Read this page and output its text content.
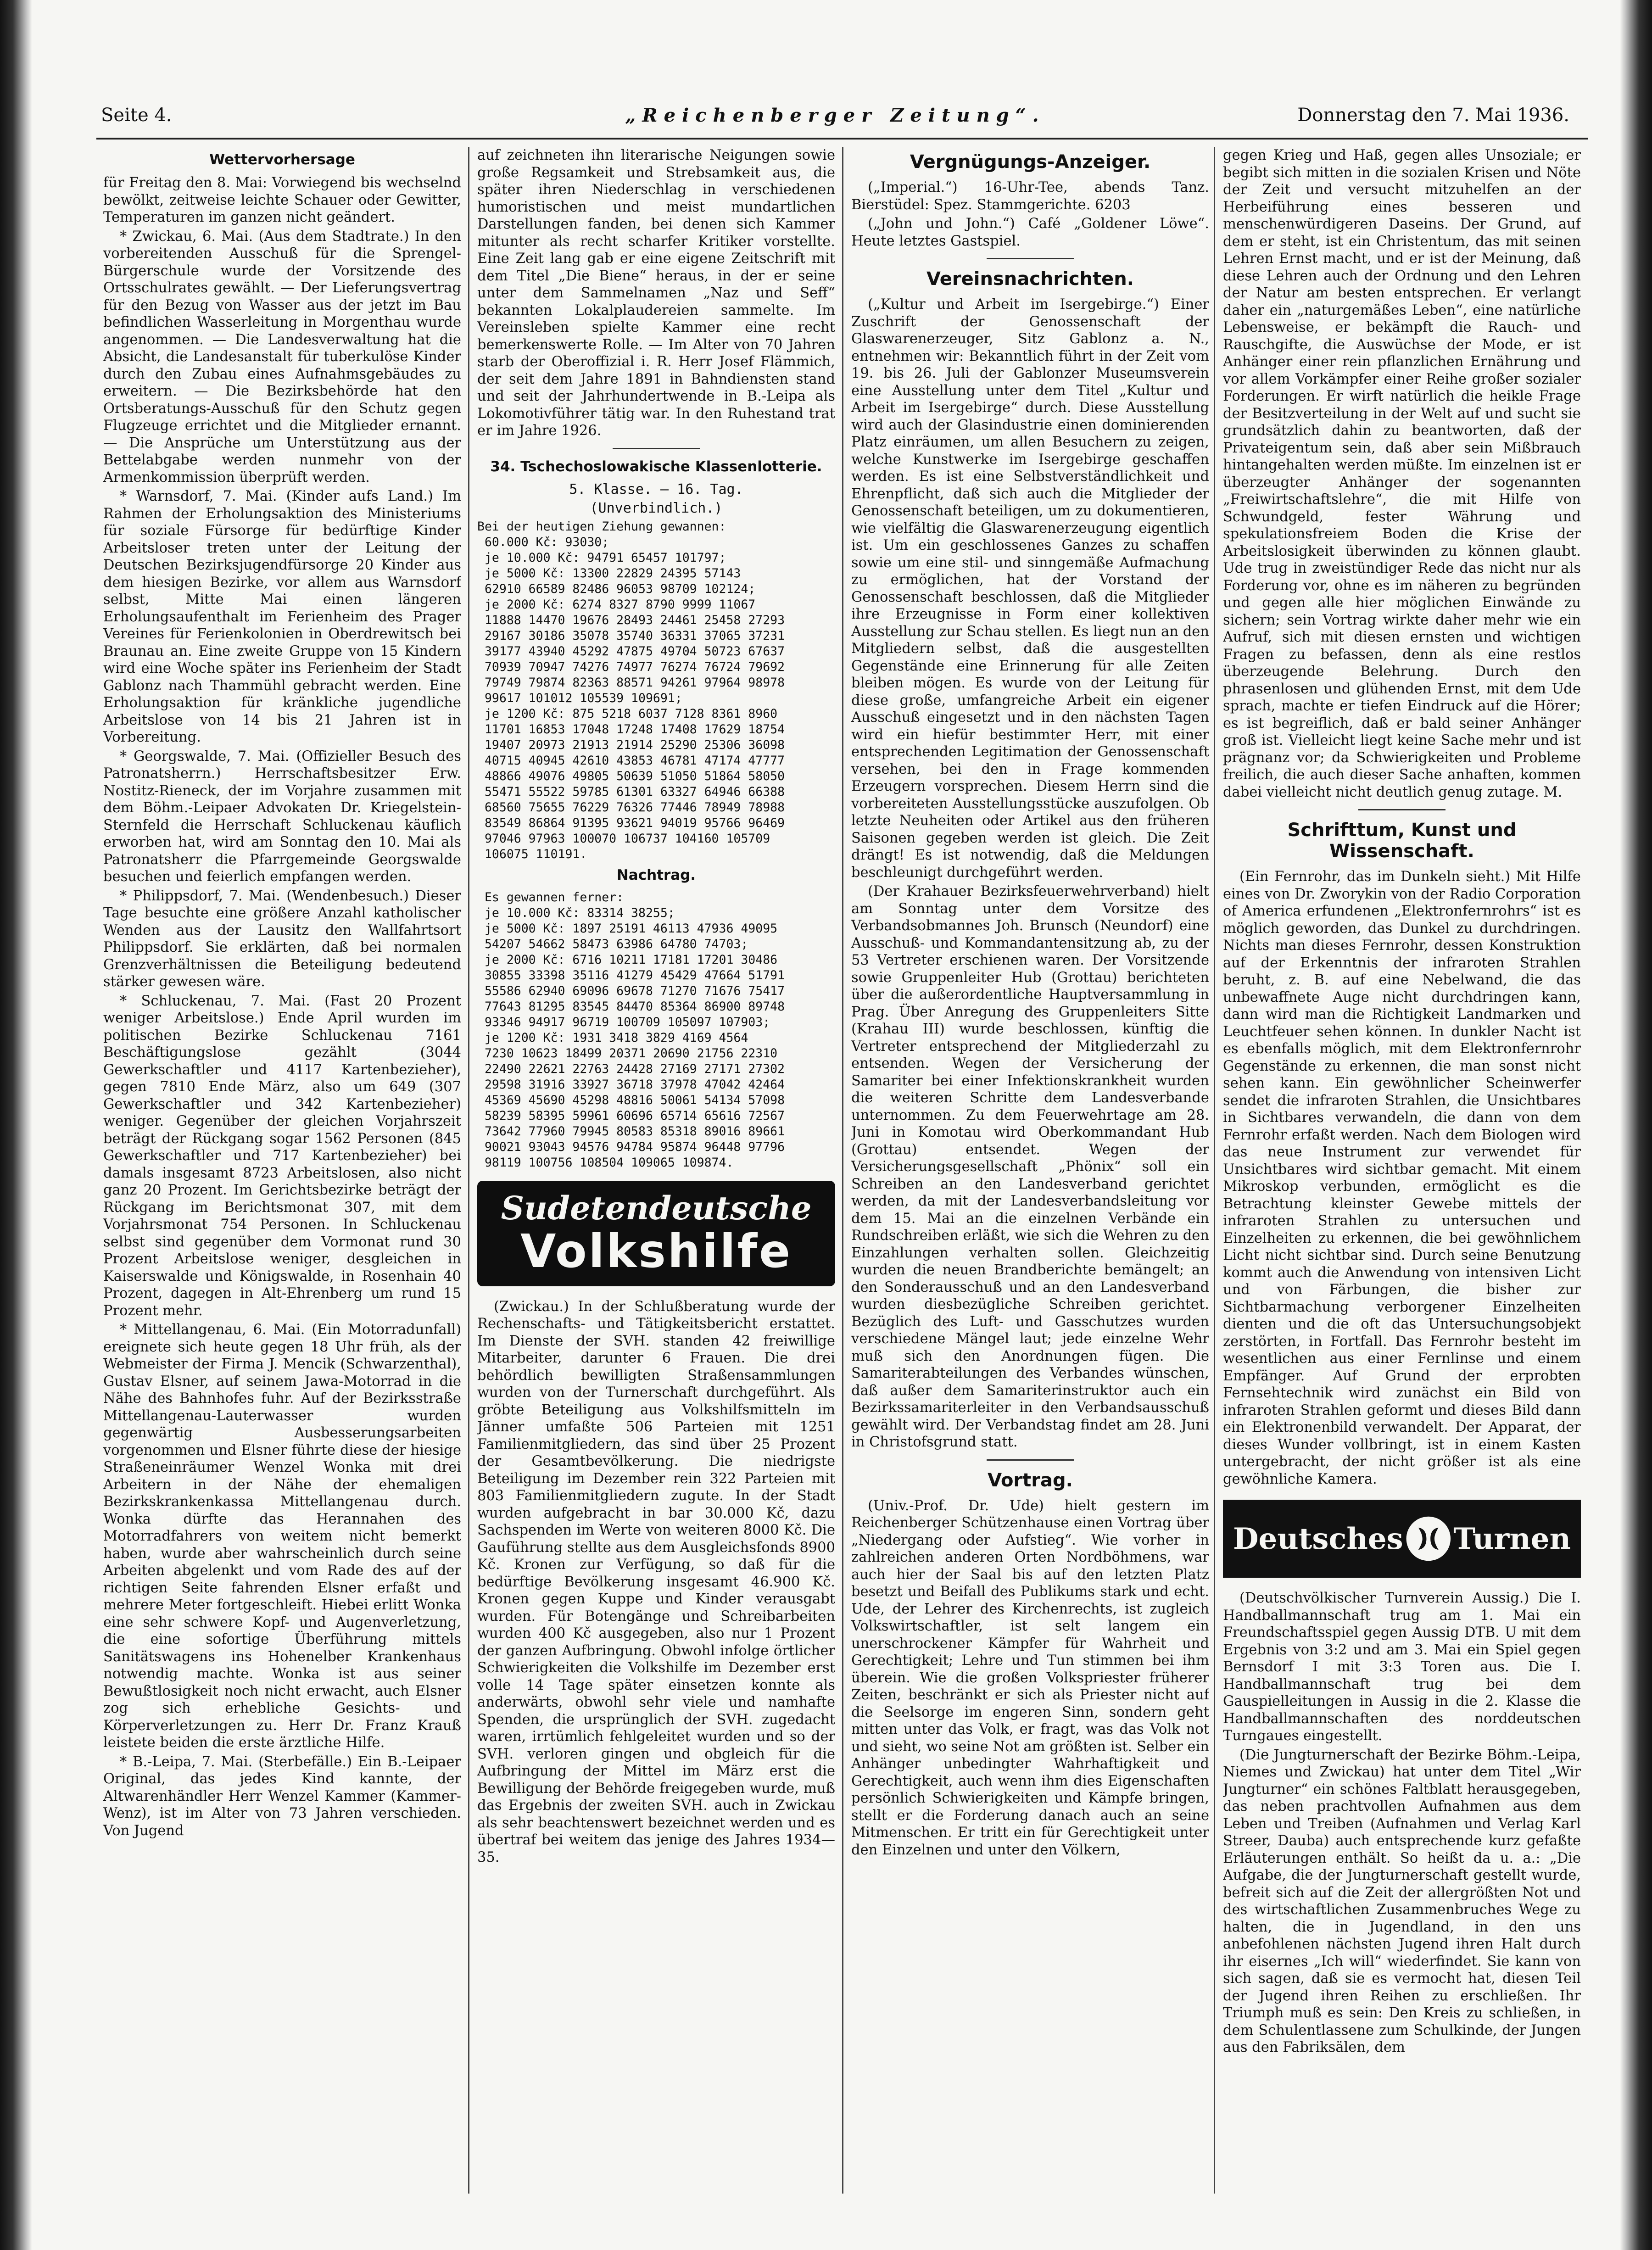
Seite 4.	„Reichenberger Zeitung“.	Donnerstag den 7. Mai 1936.
Wettervorhersage

für Freitag den 8. Mai: Vorwiegend bis wechselnd bewölkt, zeitweise leichte Schauer oder Gewitter, Temperaturen im ganzen nicht geändert.

* Zwickau, 6. Mai. (Aus dem Stadtrate.) In den vorbereitenden Ausschuß für die Sprengel-Bürgerschule wurde der Vorsitzende des Ortsschulrates gewählt. — Der Lieferungsvertrag für den Bezug von Wasser aus der jetzt im Bau befindlichen Wasserleitung in Morgenthau wurde angenommen. — Die Landesverwaltung hat die Absicht, die Landesanstalt für tuberkulöse Kinder durch den Zubau eines Aufnahmsgebäudes zu erweitern. — Die Bezirksbehörde hat den Ortsberatungs-Ausschuß für den Schutz gegen Flugzeuge errichtet und die Mitglieder ernannt. — Die Ansprüche um Unterstützung aus der Bettelabgabe werden nunmehr von der Armenkommission überprüft werden.

* Warnsdorf, 7. Mai. (Kinder aufs Land.) Im Rahmen der Erholungsaktion des Ministeriums für soziale Fürsorge für bedürftige Kinder Arbeitsloser treten unter der Leitung der Deutschen Bezirksjugendfürsorge 20 Kinder aus dem hiesigen Bezirke, vor allem aus Warnsdorf selbst, Mitte Mai einen längeren Erholungsaufenthalt im Ferienheim des Prager Vereines für Ferienkolonien in Oberdrewitsch bei Braunau an. Eine zweite Gruppe von 15 Kindern wird eine Woche später ins Ferienheim der Stadt Gablonz nach Thammühl gebracht werden. Eine Erholungsaktion für kränkliche jugendliche Arbeitslose von 14 bis 21 Jahren ist in Vorbereitung.

* Georgswalde, 7. Mai. (Offizieller Besuch des Patronatsherrn.) Herrschaftsbesitzer Erw. Nostitz-Rieneck, der im Vorjahre zusammen mit dem Böhm.-Leipaer Advokaten Dr. Kriegelstein-Sternfeld die Herrschaft Schluckenau käuflich erworben hat, wird am Sonntag den 10. Mai als Patronatsherr die Pfarrgemeinde Georgswalde besuchen und feierlich empfangen werden.

* Philippsdorf, 7. Mai. (Wendenbesuch.) Dieser Tage besuchte eine größere Anzahl katholischer Wenden aus der Lausitz den Wallfahrtsort Philippsdorf. Sie erklärten, daß bei normalen Grenzverhältnissen die Beteiligung bedeutend stärker gewesen wäre.

* Schluckenau, 7. Mai. (Fast 20 Prozent weniger Arbeitslose.) Ende April wurden im politischen Bezirke Schluckenau 7161 Beschäftigungslose gezählt (3044 Gewerkschaftler und 4117 Kartenbezieher), gegen 7810 Ende März, also um 649 (307 Gewerkschaftler und 342 Kartenbezieher) weniger. Gegenüber der gleichen Vorjahrszeit beträgt der Rückgang sogar 1562 Personen (845 Gewerkschaftler und 717 Kartenbezieher) bei damals insgesamt 8723 Arbeitslosen, also nicht ganz 20 Prozent. Im Gerichtsbezirke beträgt der Rückgang im Berichtsmonat 307, mit dem Vorjahrsmonat 754 Personen. In Schluckenau selbst sind gegenüber dem Vormonat rund 30 Prozent Arbeitslose weniger, desgleichen in Kaiserswalde und Königswalde, in Rosenhain 40 Prozent, dagegen in Alt-Ehrenberg um rund 15 Prozent mehr.

* Mittellangenau, 6. Mai. (Ein Motorradunfall) ereignete sich heute gegen 18 Uhr früh, als der Webmeister der Firma J. Mencik (Schwarzenthal), Gustav Elsner, auf seinem Jawa-Motorrad in die Nähe des Bahnhofes fuhr. Auf der Bezirksstraße Mittellangenau-Lauterwasser wurden gegenwärtig Ausbesserungsarbeiten vorgenommen und Elsner führte diese der hiesige Straßeneinräumer Wenzel Wonka mit drei Arbeitern in der Nähe der ehemaligen Bezirkskrankenkassa Mittellangenau durch. Wonka dürfte das Herannahen des Motorradfahrers von weitem nicht bemerkt haben, wurde aber wahrscheinlich durch seine Arbeiten abgelenkt und vom Rade des auf der richtigen Seite fahrenden Elsner erfaßt und mehrere Meter fortgeschleift. Hiebei erlitt Wonka eine sehr schwere Kopf- und Augenverletzung, die eine sofortige Überführung mittels Sanitätswagens ins Hohenelber Krankenhaus notwendig machte. Wonka ist aus seiner Bewußtlosigkeit noch nicht erwacht, auch Elsner zog sich erhebliche Gesichts- und Körperverletzungen zu. Herr Dr. Franz Krauß leistete beiden die erste ärztliche Hilfe.

* B.-Leipa, 7. Mai. (Sterbefälle.) Ein B.-Leipaer Original, das jedes Kind kannte, der Altwarenhändler Herr Wenzel Kammer (Kammer-Wenz), ist im Alter von 73 Jahren verschieden. Von Jugend

auf zeichneten ihn literarische Neigungen sowie große Regsamkeit und Strebsamkeit aus, die später ihren Niederschlag in verschiedenen humoristischen und meist mundartlichen Darstellungen fanden, bei denen sich Kammer mitunter als recht scharfer Kritiker vorstellte. Eine Zeit lang gab er eine eigene Zeitschrift mit dem Titel „Die Biene“ heraus, in der er seine unter dem Sammelnamen „Naz und Seff“ bekannten Lokalplaudereien sammelte. Im Vereinsleben spielte Kammer eine recht bemerkenswerte Rolle. — Im Alter von 70 Jahren starb der Oberoffizial i. R. Herr Josef Flämmich, der seit dem Jahre 1891 in Bahndiensten stand und seit der Jahrhundertwende in B.-Leipa als Lokomotivführer tätig war. In den Ruhestand trat er im Jahre 1926.

34. Tschechoslowakische Klassenlotterie.
5. Klasse. — 16. Tag.
(Unverbindlich.)
Bei der heutigen Ziehung gewannen:
60.000 Kč: 93030;
je 10.000 Kč: 94791 65457 101797;
je 5000 Kč: 13300 22829 24395 57143
62910 66589 82486 96053 98709 102124;
je 2000 Kč: 6274 8327 8790 9999 11067
11888 14470 19676 28493 24461 25458 27293
29167 30186 35078 35740 36331 37065 37231
39177 43940 45292 47875 49704 50723 67637
70939 70947 74276 74977 76274 76724 79692
79749 79874 82363 88571 94261 97964 98978
99617 101012 105539 109691;
je 1200 Kč: 875 5218 6037 7128 8361 8960
11701 16853 17048 17248 17408 17629 18754
19407 20973 21913 21914 25290 25306 36098
40715 40945 42610 43853 46781 47174 47777
48866 49076 49805 50639 51050 51864 58050
55471 55522 59785 61301 63327 64946 66388
68560 75655 76229 76326 77446 78949 78988
83549 86864 91395 93621 94019 95766 96469
97046 97963 100070 106737 104160 105709
106075 110191.
Nachtrag.
Es gewannen ferner:
je 10.000 Kč: 83314 38255;
je 5000 Kč: 1897 25191 46113 47936 49095
54207 54662 58473 63986 64780 74703;
je 2000 Kč: 6716 10211 17181 17201 30486
30855 33398 35116 41279 45429 47664 51791
55586 62940 69096 69678 71270 71676 75417
77643 81295 83545 84470 85364 86900 89748
93346 94917 96719 100709 105097 107903;
je 1200 Kč: 1931 3418 3829 4169 4564
7230 10623 18499 20371 20690 21756 22310
22490 22621 22763 24428 27169 27171 27302
29598 31916 33927 36718 37978 47042 42464
45369 45690 45298 48816 50061 54134 57098
58239 58395 59961 60696 65714 65616 72567
73642 77960 79945 80583 85318 89016 89661
90021 93043 94576 94784 95874 96448 97796
98119 100756 108504 109065 109874.
Sudetendeutsche
Volkshilfe

(Zwickau.) In der Schlußberatung wurde der Rechenschafts- und Tätigkeitsbericht erstattet. Im Dienste der SVH. standen 42 freiwillige Mitarbeiter, darunter 6 Frauen. Die drei behördlich bewilligten Straßensammlungen wurden von der Turnerschaft durchgeführt. Als gröbte Beteiligung aus Volkshilfsmitteln im Jänner umfaßte 506 Parteien mit 1251 Familienmitgliedern, das sind über 25 Prozent der Gesamtbevölkerung. Die niedrigste Beteiligung im Dezember rein 322 Parteien mit 803 Familienmitgliedern zugute. In der Stadt wurden aufgebracht in bar 30.000 Kč, dazu Sachspenden im Werte von weiteren 8000 Kč. Die Gauführung stellte aus dem Ausgleichsfonds 8900 Kč. Kronen zur Verfügung, so daß für die bedürftige Bevölkerung insgesamt 46.900 Kč. Kronen gegen Kuppe und Kinder verausgabt wurden. Für Botengänge und Schreibarbeiten wurden 400 Kč ausgegeben, also nur 1 Prozent der ganzen Aufbringung. Obwohl infolge örtlicher Schwierigkeiten die Volkshilfe im Dezember erst volle 14 Tage später einsetzen konnte als anderwärts, obwohl sehr viele und namhafte Spenden, die ursprünglich der SVH. zugedacht waren, irrtümlich fehlgeleitet wurden und so der SVH. verloren gingen und obgleich für die Aufbringung der Mittel im März erst die Bewilligung der Behörde freigegeben wurde, muß das Ergebnis der zweiten SVH. auch in Zwickau als sehr beachtenswert bezeichnet werden und es übertraf bei weitem das jenige des Jahres 1934—35.

Vergnügungs-Anzeiger.

(„Imperial.“) 16-Uhr-Tee, abends Tanz. Bierstüdel: Spez. Stammgerichte. 6203

(„John und John.“) Café „Goldener Löwe“. Heute letztes Gastspiel.

Vereinsnachrichten.

(„Kultur und Arbeit im Isergebirge.“) Einer Zuschrift der Genossenschaft der Glaswarenerzeuger, Sitz Gablonz a. N., entnehmen wir: Bekanntlich führt in der Zeit vom 19. bis 26. Juli der Gablonzer Museumsverein eine Ausstellung unter dem Titel „Kultur und Arbeit im Isergebirge“ durch. Diese Ausstellung wird auch der Glasindustrie einen dominierenden Platz einräumen, um allen Besuchern zu zeigen, welche Kunstwerke im Isergebirge geschaffen werden. Es ist eine Selbstverständlichkeit und Ehrenpflicht, daß sich auch die Mitglieder der Genossenschaft beteiligen, um zu dokumentieren, wie vielfältig die Glaswarenerzeugung eigentlich ist. Um ein geschlossenes Ganzes zu schaffen sowie um eine stil- und sinngemäße Aufmachung zu ermöglichen, hat der Vorstand der Genossenschaft beschlossen, daß die Mitglieder ihre Erzeugnisse in Form einer kollektiven Ausstellung zur Schau stellen. Es liegt nun an den Mitgliedern selbst, daß die ausgestellten Gegenstände eine Erinnerung für alle Zeiten bleiben mögen. Es wurde von der Leitung für diese große, umfangreiche Arbeit ein eigener Ausschuß eingesetzt und in den nächsten Tagen wird ein hiefür bestimmter Herr, mit einer entsprechenden Legitimation der Genossenschaft versehen, bei den in Frage kommenden Erzeugern vorsprechen. Diesem Herrn sind die vorbereiteten Ausstellungsstücke auszufolgen. Ob letzte Neuheiten oder Artikel aus den früheren Saisonen gegeben werden ist gleich. Die Zeit drängt! Es ist notwendig, daß die Meldungen beschleunigt durchgeführt werden.

(Der Krahauer Bezirksfeuerwehrverband) hielt am Sonntag unter dem Vorsitze des Verbandsobmannes Joh. Brunsch (Neundorf) eine Ausschuß- und Kommandantensitzung ab, zu der 53 Vertreter erschienen waren. Der Vorsitzende sowie Gruppenleiter Hub (Grottau) berichteten über die außerordentliche Hauptversammlung in Prag. Über Anregung des Gruppenleiters Sitte (Krahau III) wurde beschlossen, künftig die Vertreter entsprechend der Mitgliederzahl zu entsenden. Wegen der Versicherung der Samariter bei einer Infektionskrankheit wurden die weiteren Schritte dem Landesverbande unternommen. Zu dem Feuerwehrtage am 28. Juni in Komotau wird Oberkommandant Hub (Grottau) entsendet. Wegen der Versicherungsgesellschaft „Phönix“ soll ein Schreiben an den Landesverband gerichtet werden, da mit der Landesverbandsleitung vor dem 15. Mai an die einzelnen Verbände ein Rundschreiben erläßt, wie sich die Wehren zu den Einzahlungen verhalten sollen. Gleichzeitig wurden die neuen Brandberichte bemängelt; an den Sonderausschuß und an den Landesverband wurden diesbezügliche Schreiben gerichtet. Bezüglich des Luft- und Gasschutzes wurden verschiedene Mängel laut; jede einzelne Wehr muß sich den Anordnungen fügen. Die Samariterabteilungen des Verbandes wünschen, daß außer dem Samariterinstruktor auch ein Bezirkssamariterleiter in den Verbandsausschuß gewählt wird. Der Verbandstag findet am 28. Juni in Christofsgrund statt.

Vortrag.

(Univ.-Prof. Dr. Ude) hielt gestern im Reichenberger Schützenhause einen Vortrag über „Niedergang oder Aufstieg“. Wie vorher in zahlreichen anderen Orten Nordböhmens, war auch hier der Saal bis auf den letzten Platz besetzt und Beifall des Publikums stark und echt. Ude, der Lehrer des Kirchenrechts, ist zugleich Volkswirtschaftler, ist selt langem ein unerschrockener Kämpfer für Wahrheit und Gerechtigkeit; Lehre und Tun stimmen bei ihm überein. Wie die großen Volkspriester früherer Zeiten, beschränkt er sich als Priester nicht auf die Seelsorge im engeren Sinn, sondern geht mitten unter das Volk, er fragt, was das Volk not und sieht, wo seine Not am größten ist. Selber ein Anhänger unbedingter Wahrhaftigkeit und Gerechtigkeit, auch wenn ihm dies Eigenschaften persönlich Schwierigkeiten und Kämpfe bringen, stellt er die Forderung danach auch an seine Mitmenschen. Er tritt ein für Gerechtigkeit unter den Einzelnen und unter den Völkern,

gegen Krieg und Haß, gegen alles Unsoziale; er begibt sich mitten in die sozialen Krisen und Nöte der Zeit und versucht mitzuhelfen an der Herbeiführung eines besseren und menschenwürdigeren Daseins. Der Grund, auf dem er steht, ist ein Christentum, das mit seinen Lehren Ernst macht, und er ist der Meinung, daß diese Lehren auch der Ordnung und den Lehren der Natur am besten entsprechen. Er verlangt daher ein „naturgemäßes Leben“, eine natürliche Lebensweise, er bekämpft die Rauch- und Rauschgifte, die Auswüchse der Mode, er ist Anhänger einer rein pflanzlichen Ernährung und vor allem Vorkämpfer einer Reihe großer sozialer Forderungen. Er wirft natürlich die heikle Frage der Besitzverteilung in der Welt auf und sucht sie grundsätzlich dahin zu beantworten, daß der Privateigentum sein, daß aber sein Mißbrauch hintangehalten werden müßte. Im einzelnen ist er überzeugter Anhänger der sogenannten „Freiwirtschaftslehre“, die mit Hilfe von Schwundgeld, fester Währung und spekulationsfreiem Boden die Krise der Arbeitslosigkeit überwinden zu können glaubt. Ude trug in zweistündiger Rede das nicht nur als Forderung vor, ohne es im näheren zu begründen und gegen alle hier möglichen Einwände zu sichern; sein Vortrag wirkte daher mehr wie ein Aufruf, sich mit diesen ernsten und wichtigen Fragen zu befassen, denn als eine restlos überzeugende Belehrung. Durch den phrasenlosen und glühenden Ernst, mit dem Ude sprach, machte er tiefen Eindruck auf die Hörer; es ist begreiflich, daß er bald seiner Anhänger groß ist. Vielleicht liegt keine Sache mehr und ist prägnanz vor; da Schwierigkeiten und Probleme freilich, die auch dieser Sache anhaften, kommen dabei vielleicht nicht deutlich genug zutage. M.

Schrifttum, Kunst und Wissenschaft.

(Ein Fernrohr, das im Dunkeln sieht.) Mit Hilfe eines von Dr. Zworykin von der Radio Corporation of America erfundenen „Elektronfernrohrs“ ist es möglich geworden, das Dunkel zu durchdringen. Nichts man dieses Fernrohr, dessen Konstruktion auf der Erkenntnis der infraroten Strahlen beruht, z. B. auf eine Nebelwand, die das unbewaffnete Auge nicht durchdringen kann, dann wird man die Richtigkeit Landmarken und Leuchtfeuer sehen können. In dunkler Nacht ist es ebenfalls möglich, mit dem Elektronfernrohr Gegenstände zu erkennen, die man sonst nicht sehen kann. Ein gewöhnlicher Scheinwerfer sendet die infraroten Strahlen, die Unsichtbares in Sichtbares verwandeln, die dann von dem Fernrohr erfaßt werden. Nach dem Biologen wird das neue Instrument zur verwendet für Unsichtbares wird sichtbar gemacht. Mit einem Mikroskop verbunden, ermöglicht es die Betrachtung kleinster Gewebe mittels der infraroten Strahlen zu untersuchen und Einzelheiten zu erkennen, die bei gewöhnlichem Licht nicht sichtbar sind. Durch seine Benutzung kommt auch die Anwendung von intensiven Licht und von Färbungen, die bisher zur Sichtbarmachung verborgener Einzelheiten dienten und die oft das Untersuchungsobjekt zerstörten, in Fortfall. Das Fernrohr besteht im wesentlichen aus einer Fernlinse und einem Empfänger. Auf Grund der erprobten Fernsehtechnik wird zunächst ein Bild von infraroten Strahlen geformt und dieses Bild dann ein Elektronenbild verwandelt. Der Apparat, der dieses Wunder vollbringt, ist in einem Kasten untergebracht, der nicht größer ist als eine gewöhnliche Kamera.

Deutsches Turnen

(Deutschvölkischer Turnverein Aussig.) Die I. Handballmannschaft trug am 1. Mai ein Freundschaftsspiel gegen Aussig DTB. U mit dem Ergebnis von 3:2 und am 3. Mai ein Spiel gegen Bernsdorf I mit 3:3 Toren aus. Die I. Handballmannschaft trug bei dem Gauspielleitungen in Aussig in die 2. Klasse die Handballmannschaften des norddeutschen Turngaues eingestellt.

(Die Jungturnerschaft der Bezirke Böhm.-Leipa, Niemes und Zwickau) hat unter dem Titel „Wir Jungturner“ ein schönes Faltblatt herausgegeben, das neben prachtvollen Aufnahmen aus dem Leben und Treiben (Aufnahmen und Verlag Karl Streer, Dauba) auch entsprechende kurz gefaßte Erläuterungen enthält. So heißt da u. a.: „Die Aufgabe, die der Jungturnerschaft gestellt wurde, befreit sich auf die Zeit der allergrößten Not und des wirtschaftlichen Zusammenbruches Wege zu halten, die in Jugendland, in den uns anbefohlenen nächsten Jugend ihren Halt durch ihr eisernes „Ich will“ wiederfindet. Sie kann von sich sagen, daß sie es vermocht hat, diesen Teil der Jugend ihren Reihen zu erschließen. Ihr Triumph muß es sein: Den Kreis zu schließen, in dem Schulentlassene zum Schulkinde, der Jungen aus den Fabriksälen, dem
